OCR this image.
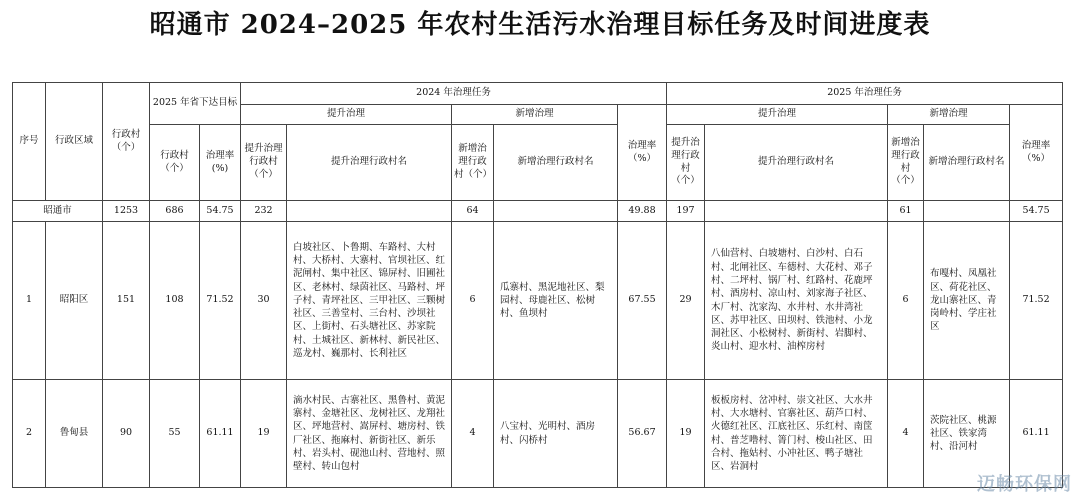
昭通市 2024–2025 年农村生活污水治理目标任务及时间进度表
序号	行政区域	行政村（个）	2025 年省下达目标		2024 年治理任务					2025 年治理任务				
					提升治理		新增治理		治理率（%）	提升治理		新增治理		治理率（%）
			行政村（个）	治理率(%)	提升治理行政村（个）	提升治理行政村名	新增治理行政村（个）	新增治理行政村名		提升治理行政村（个）	提升治理行政村名	新增治理行政村（个）	新增治理行政村名	
昭通市		1253	686	54.75	232		64		49.88	197		61		54.75
1	昭阳区	151	108	71.52	30	白坡社区、卜鲁期、车路村、大村村、大桥村、大寨村、官坝社区、红泥闸村、集中社区、锦屏村、旧圃社区、老林村、绿茵社区、马路村、坪子村、青坪社区、三甲社区、三颗树社区、三善堂村、三台村、沙坝社区、上街村、石头塘社区、苏家院村、土城社区、新林村、新民社区、巡龙村、巍那村、长利社区	6	瓜寨村、黑泥地社区、梨园村、母鹿社区、松树村、鱼坝村	67.55	29	八仙营村、白坡塘村、白沙村、白石村、北闸社区、车德村、大花村、邓子村、二坪村、锅厂村、红路村、花鹿坪村、酒房村、凉山村、刘家海子社区、木厂村、沈家沟、水井村、水井湾社区、苏甲社区、田坝村、铁池村、小龙洞社区、小松树村、新街村、岩脚村、炎山村、迎水村、油榨房村	6	布嘎村、凤凰社区、荷花社区、龙山寨社区、青岗岭村、学庄社区	71.52
2	鲁甸县	90	55	61.11	19	滴水村民、古寨社区、黑鲁村、黄泥寨村、金塘社区、龙树社区、龙翔社区、坪地营村、嵩屏村、塘房村、铁厂社区、拖麻村、新街社区、新乐村、岩头村、砚池山村、营地村、照壁村、转山包村	4	八宝村、光明村、酒房村、闪桥村	56.67	19	板板房村、岔冲村、崇文社区、大水井村、大水塘村、官寨社区、葫芦口村、火德红社区、江底社区、乐红村、南筐村、普芝噜村、箐门村、梭山社区、田合村、拖姑村、小冲社区、鸭子塘社区、岩洞村	4	茨院社区、桃源社区、铁家湾村、沿河村	61.11
迈畅环保网
